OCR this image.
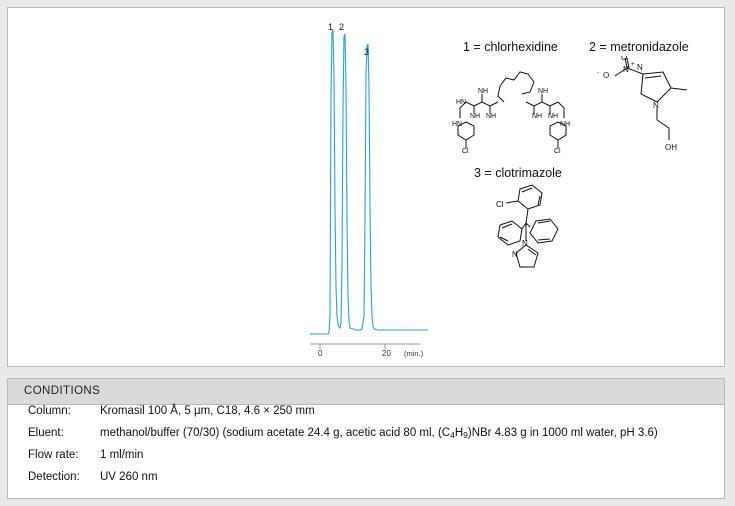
1 2
3
0	20 (min.)
1 = chlorhexidine 2 = metronidazole
3 = clotrimazole
HN
NH NH
NH
HN
NH NH
NH
NH
Cl	Cl
N
N
N +
O
-
O
OH
Cl
N
N
CONDITIONS
Column:	Kromasil 100 Å, 5 µm, C18, 4.6 × 250 mm
Eluent:	methanol/buffer (70/30) (sodium acetate 24.4 g, acetic acid 80 ml, $(C_4H_9)NBr$ 4.83 g in 1000 ml water, pH 3.6)
Flow rate:	1 ml/min
Detection:	UV 260 nm
